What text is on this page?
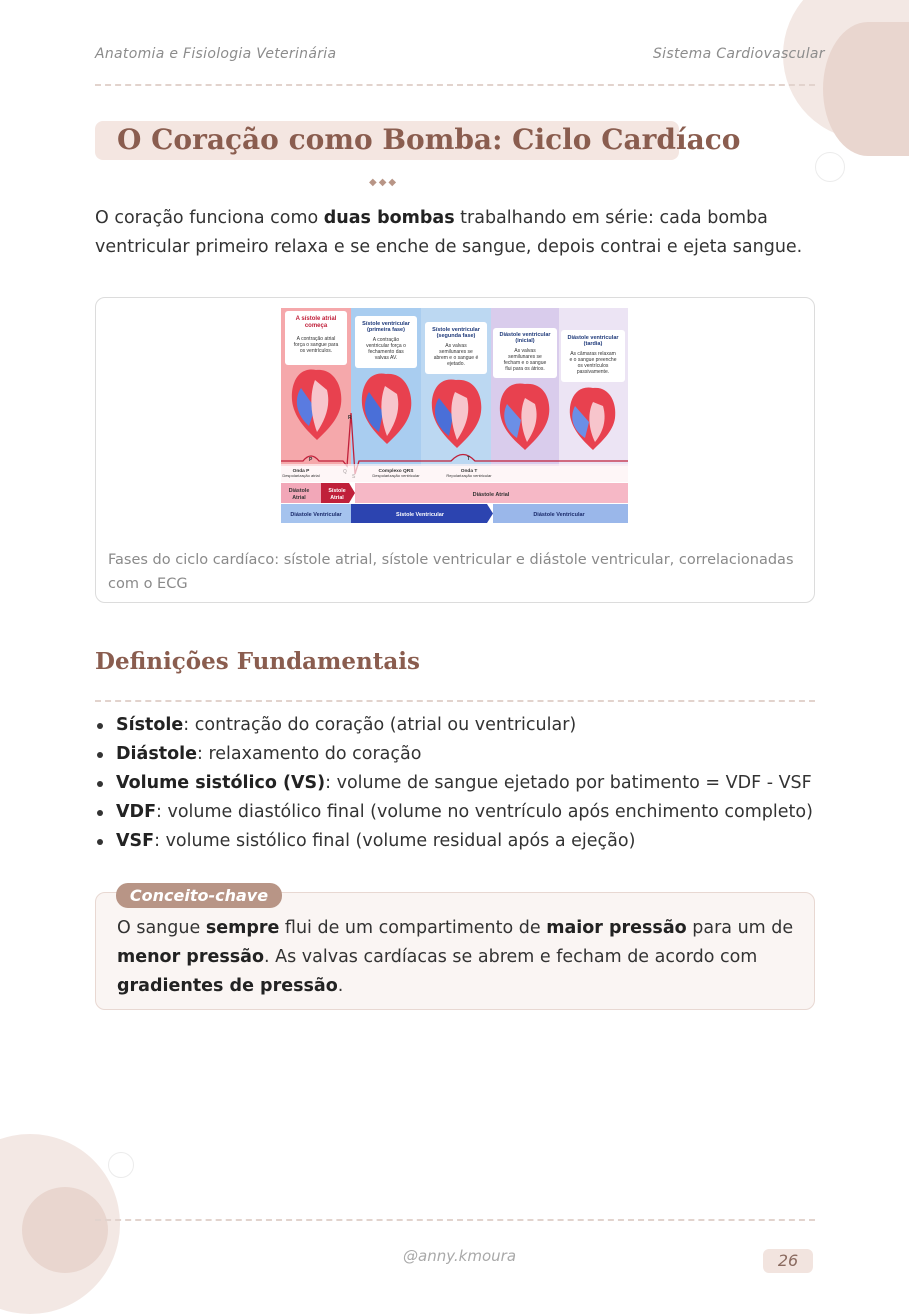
Anatomia e Fisiologia Veterinária	Sistema Cardiovascular
O Coração como Bomba: Ciclo Cardíaco
◆◆◆

O coração funciona como duas bombas trabalhando em série: cada bomba ventricular primeiro relaxa e se enche de sangue, depois contrai e ejeta sangue.

A sístole atrial
começa
A contração atrial
força o sangue para
os ventrículos.
Sístole ventricular
(primeira fase)
A contração
ventricular força o
fechamento das
valvas AV.
Sístole ventricular
(segunda fase)
As valvas
semilunares se
abrem e o sangue é
ejetado.
Diástole ventricular
(inicial)
As valvas
semilunares se
fecham e o sangue
flui para os átrios.
Diástole ventricular
(tardia)
As câmaras relaxam
e o sangue preenche
os ventrículos
passivamente.
P
R
T
Onda P
Despolarização atrial
Complexo QRS
Despolarização ventricular
Onda T
Repolarização ventricular
Diástole
Atrial
Sístole
Atrial	Diástole Atrial
Diástole Ventricular	Sístole Ventricular	Diástole Ventricular
Fases do ciclo cardíaco: sístole atrial, sístole ventricular e diástole ventricular, correlacionadas com o ECG
Definições Fundamentais
Sístole: contração do coração (atrial ou ventricular)
Diástole: relaxamento do coração
Volume sistólico (VS): volume de sangue ejetado por batimento = VDF - VSF
VDF: volume diastólico final (volume no ventrículo após enchimento completo)
VSF: volume sistólico final (volume residual após a ejeção)
Conceito-chave
O sangue sempre flui de um compartimento de maior pressão para um de menor pressão. As valvas cardíacas se abrem e fecham de acordo com gradientes de pressão.
@anny.kmoura	26
